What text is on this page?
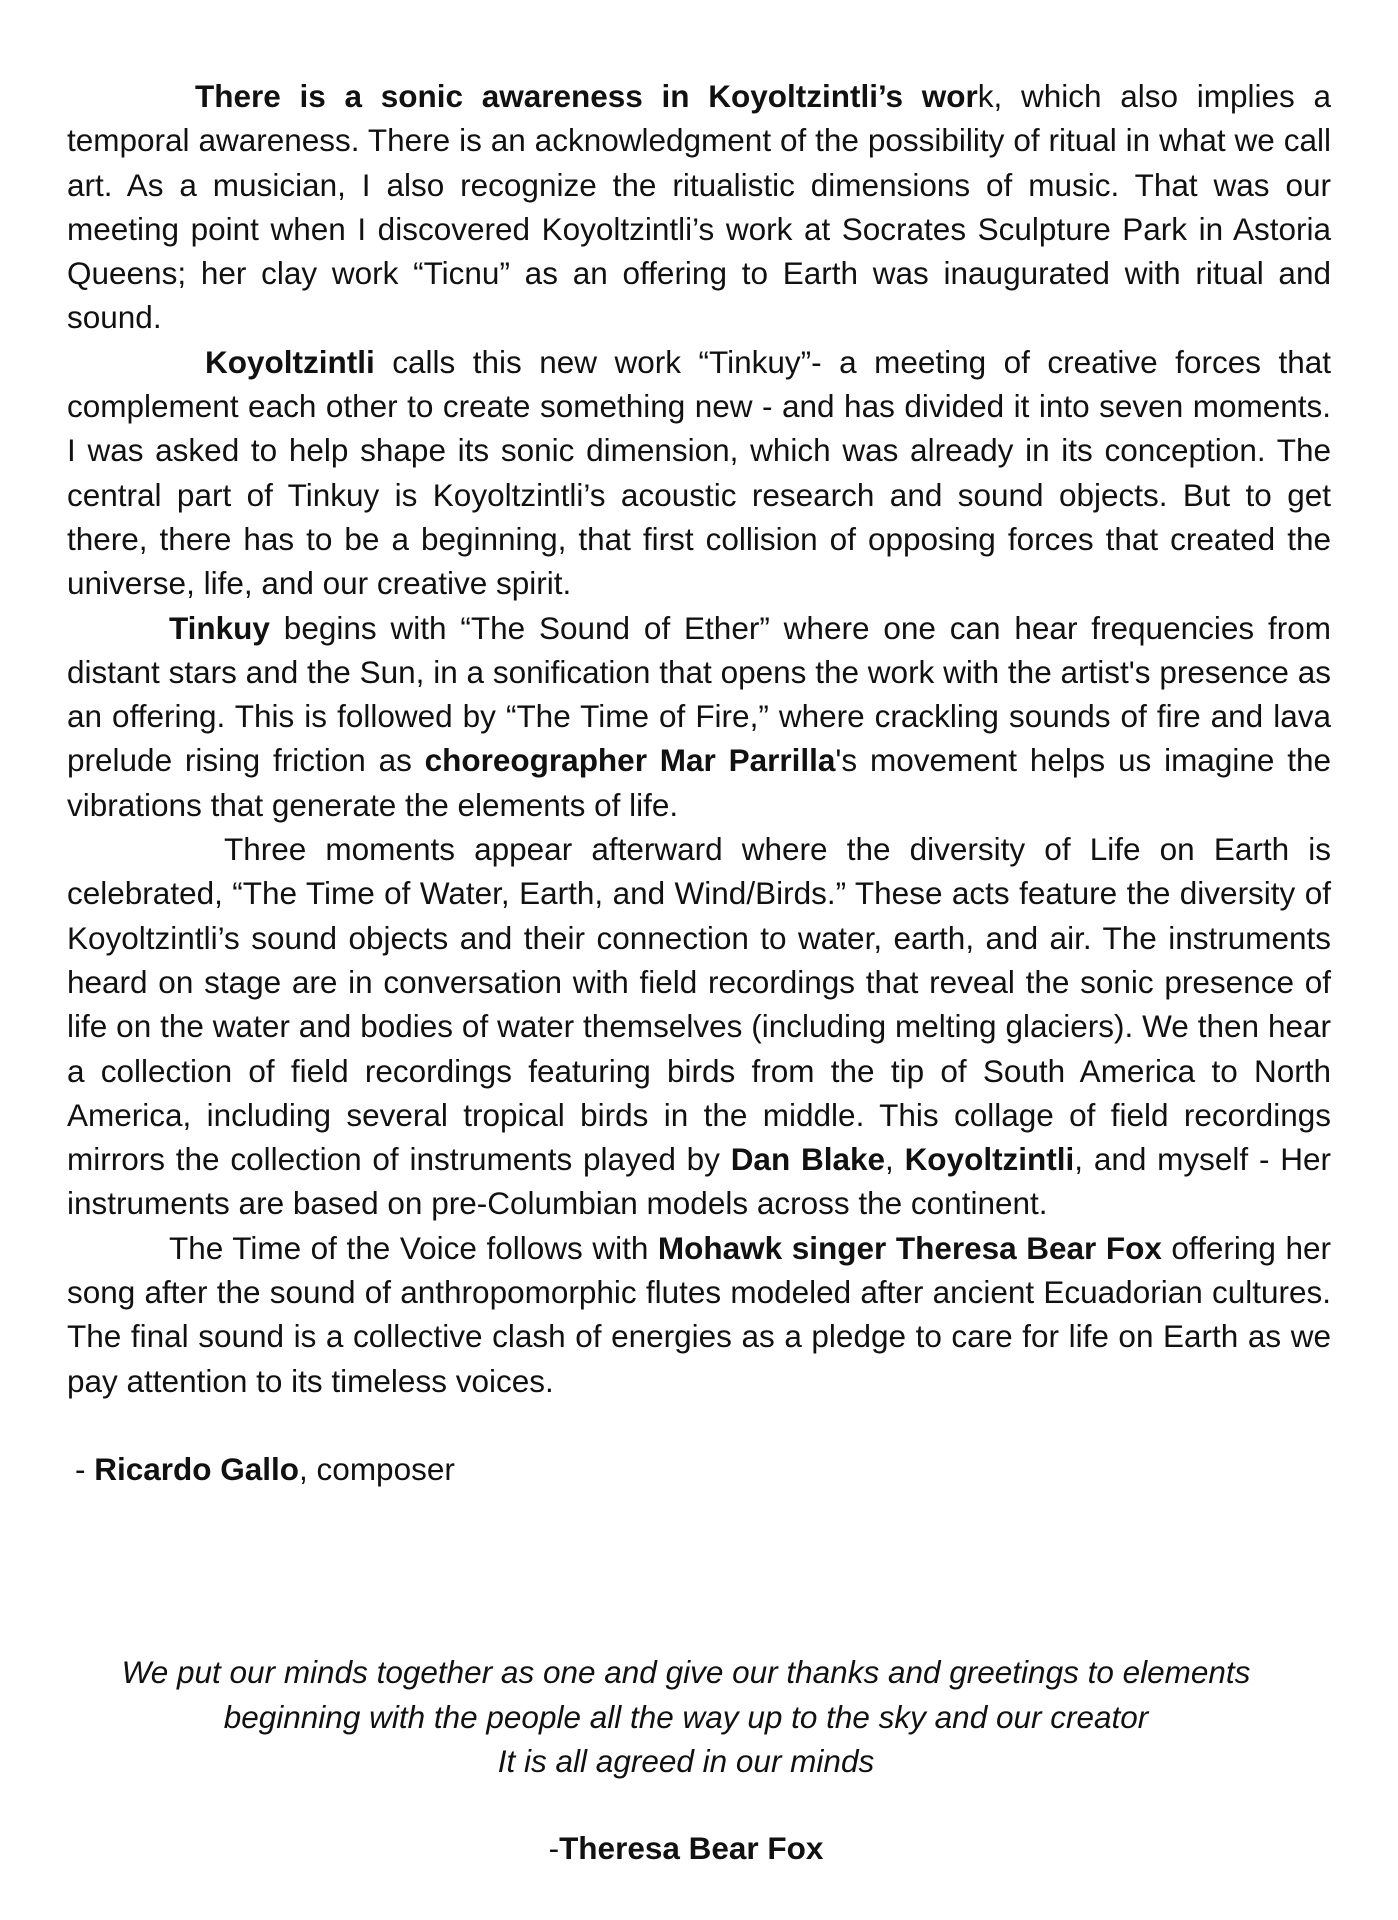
There is a sonic awareness in Koyoltzintli’s work, which also implies a temporal awareness. There is an acknowledgment of the possibility of ritual in what we call art. As a musician, I also recognize the ritualistic dimensions of music. That was our meeting point when I discovered Koyoltzintli’s work at Socrates Sculpture Park in Astoria Queens; her clay work “Ticnu” as an offering to Earth was inaugurated with ritual and sound.

Koyoltzintli calls this new work “Tinkuy”- a meeting of creative forces that complement each other to create something new - and has divided it into seven moments. I was asked to help shape its sonic dimension, which was already in its conception. The central part of Tinkuy is Koyoltzintli’s acoustic research and sound objects. But to get there, there has to be a beginning, that first collision of opposing forces that created the universe, life, and our creative spirit.

Tinkuy begins with “The Sound of Ether” where one can hear frequencies from distant stars and the Sun, in a sonification that opens the work with the artist's presence as an offering. This is followed by “The Time of Fire,” where crackling sounds of fire and lava prelude rising friction as choreographer Mar Parrilla's movement helps us imagine the vibrations that generate the elements of life.

Three moments appear afterward where the diversity of Life on Earth is celebrated, “The Time of Water, Earth, and Wind/Birds.” These acts feature the diversity of Koyoltzintli’s sound objects and their connection to water, earth, and air. The instruments heard on stage are in conversation with field recordings that reveal the sonic presence of life on the water and bodies of water themselves (including melting glaciers). We then hear a collection of field recordings featuring birds from the tip of South America to North America, including several tropical birds in the middle. This collage of field recordings mirrors the collection of instruments played by Dan Blake, Koyoltzintli, and myself - Her instruments are based on pre-Columbian models across the continent.

The Time of the Voice follows with Mohawk singer Theresa Bear Fox offering her song after the sound of anthropomorphic flutes modeled after ancient Ecuadorian cultures. The final sound is a collective clash of energies as a pledge to care for life on Earth as we pay attention to its timeless voices.

- Ricardo Gallo, composer
We put our minds together as one and give our thanks and greetings to elements
beginning with the people all the way up to the sky and our creator
It is all agreed in our minds
-Theresa Bear Fox
